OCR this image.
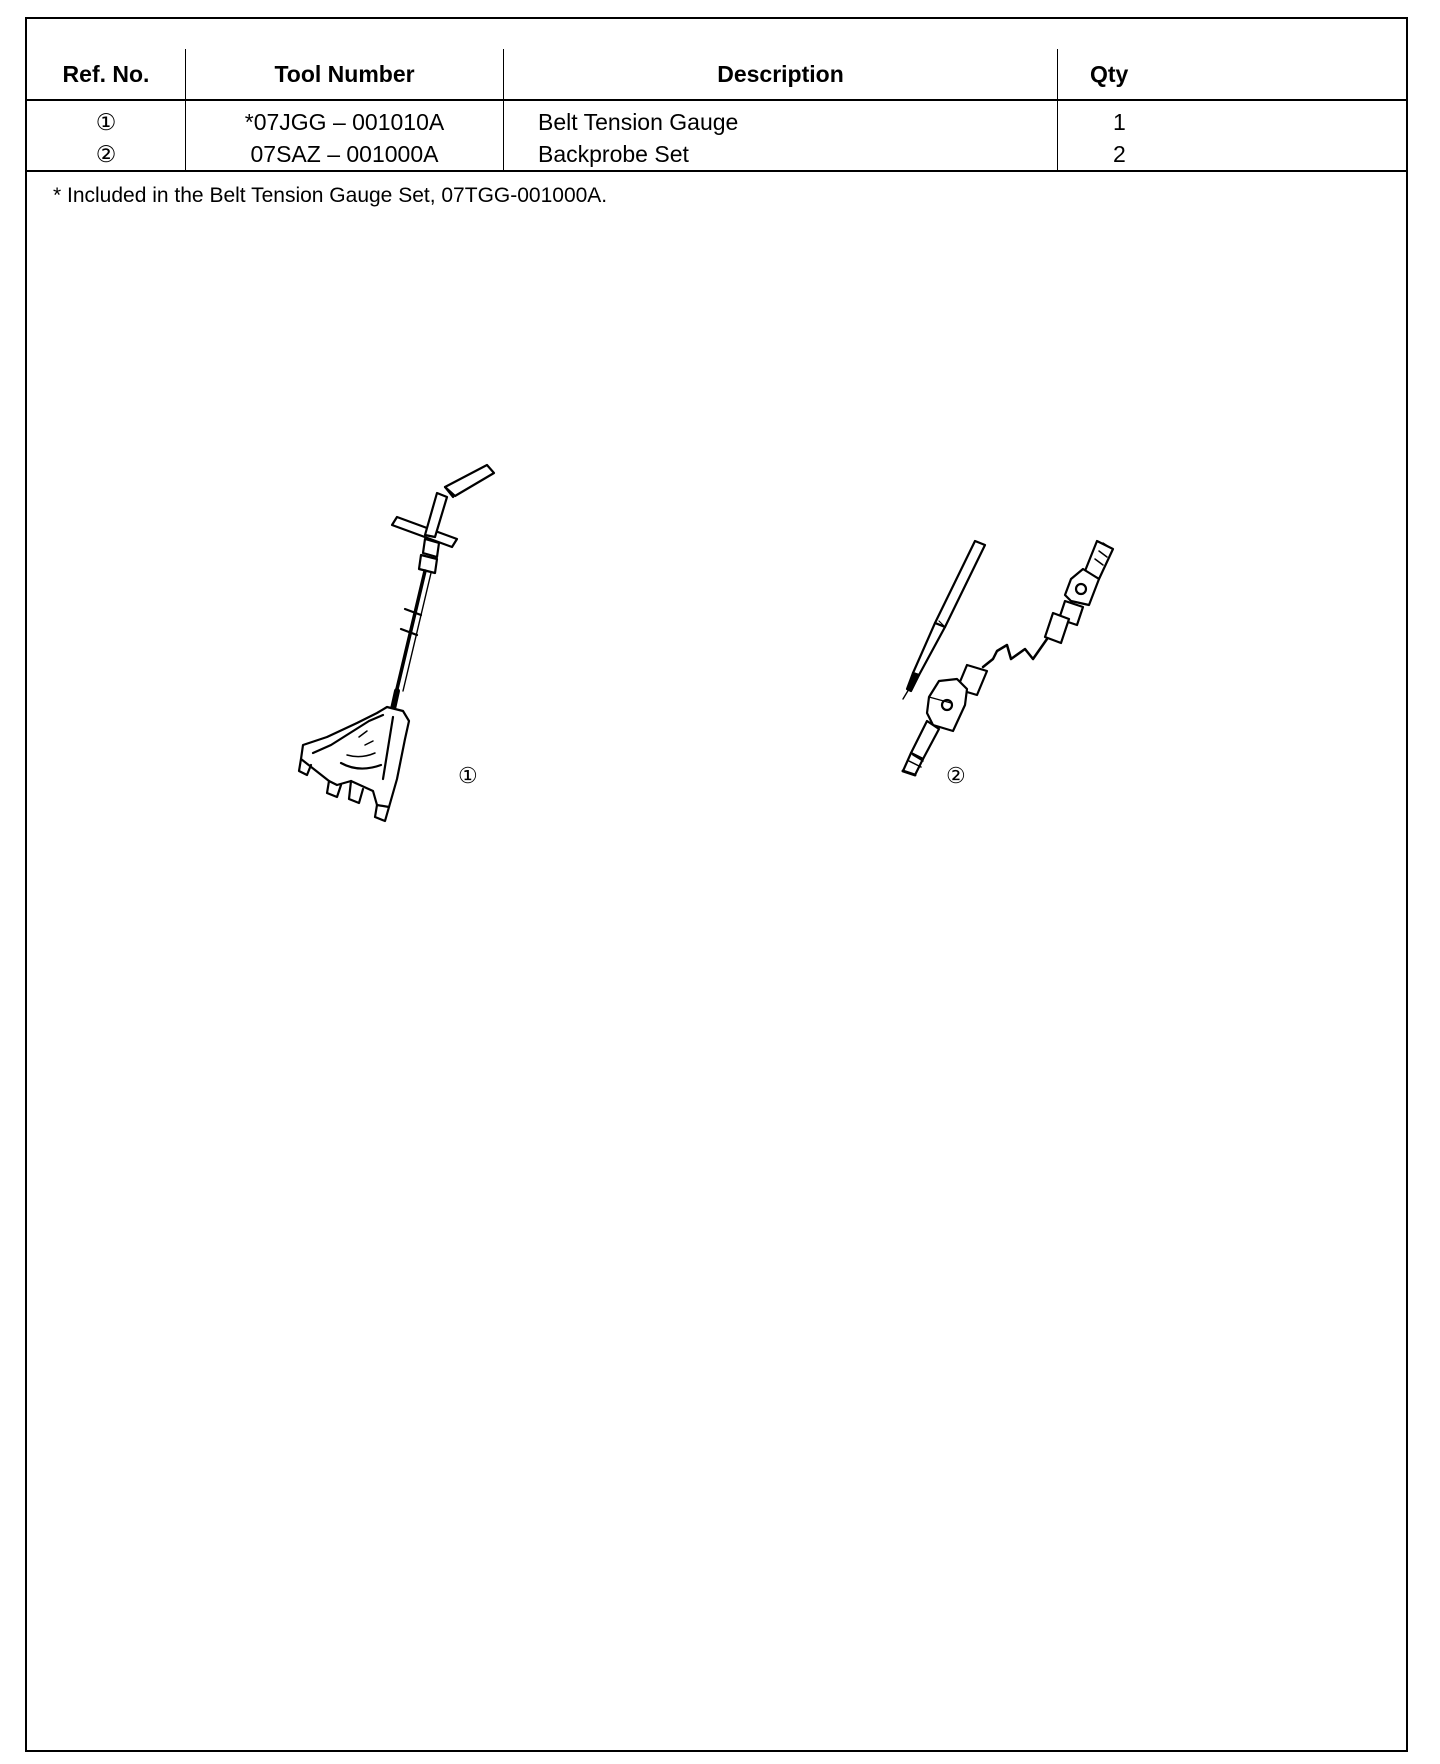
Ref. No.	Tool Number	Description	Qty
①	*07JGG – 001010A	Belt Tension Gauge	1
②	07SAZ – 001000A	Backprobe Set	2
* Included in the Belt Tension Gauge Set, 07TGG-001000A.
①	②
